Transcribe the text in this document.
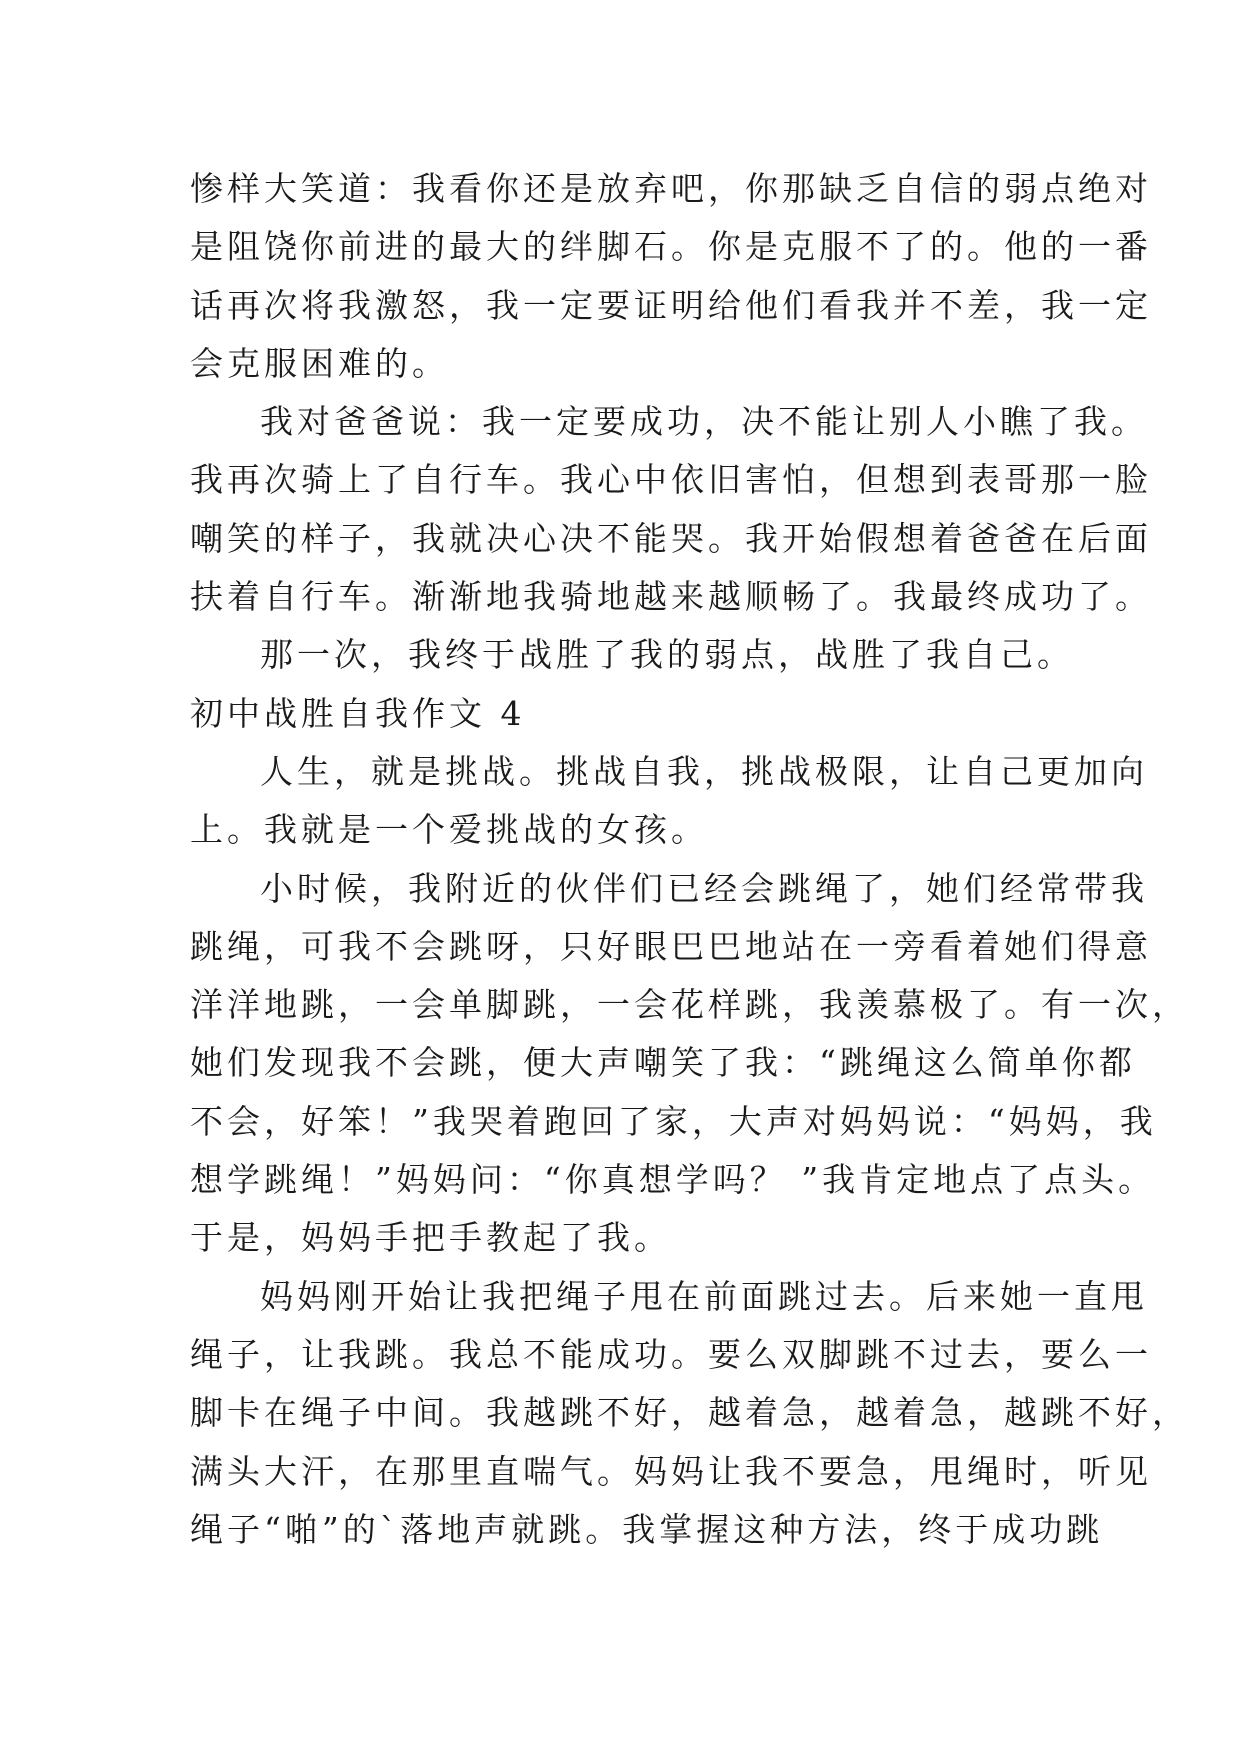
惨样大笑道：我看你还是放弃吧，你那缺乏自信的弱点绝对
是阻饶你前进的最大的绊脚石。你是克服不了的。他的一番
话再次将我激怒，我一定要证明给他们看我并不差，我一定
会克服困难的。
我对爸爸说：我一定要成功，决不能让别人小瞧了我。
我再次骑上了自行车。我心中依旧害怕，但想到表哥那一脸
嘲笑的样子，我就决心决不能哭。我开始假想着爸爸在后面
扶着自行车。渐渐地我骑地越来越顺畅了。我最终成功了。
那一次，我终于战胜了我的弱点，战胜了我自己。
初中战胜自我作文 4
人生，就是挑战。挑战自我，挑战极限，让自己更加向
上。我就是一个爱挑战的女孩。
小时候，我附近的伙伴们已经会跳绳了，她们经常带我
跳绳，可我不会跳呀，只好眼巴巴地站在一旁看着她们得意
洋洋地跳，一会单脚跳，一会花样跳，我羡慕极了。有一次，
她们发现我不会跳，便大声嘲笑了我：“跳绳这么简单你都
不会，好笨！”我哭着跑回了家，大声对妈妈说：“妈妈，我
想学跳绳！”妈妈问：“你真想学吗？ ”我肯定地点了点头。
于是，妈妈手把手教起了我。
妈妈刚开始让我把绳子甩在前面跳过去。后来她一直甩
绳子，让我跳。我总不能成功。要么双脚跳不过去，要么一
脚卡在绳子中间。我越跳不好，越着急，越着急，越跳不好，
满头大汗，在那里直喘气。妈妈让我不要急，甩绳时，听见
绳子“啪”的`落地声就跳。我掌握这种方法，终于成功跳
